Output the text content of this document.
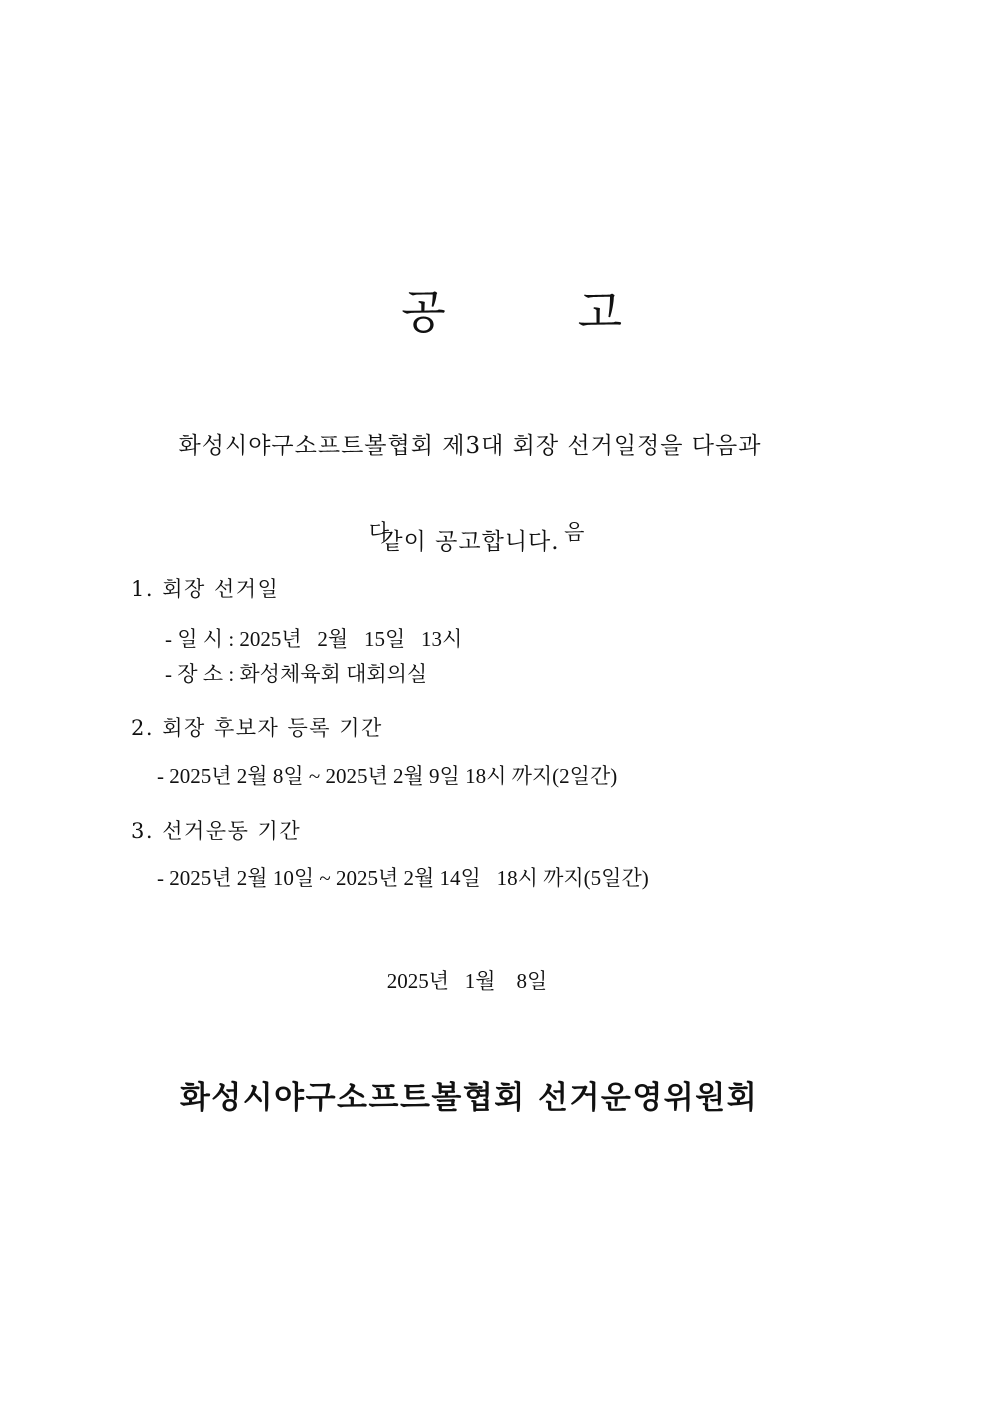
공	고

화성시야구소프트볼협회 제3대 회장 선거일정을 다음과

같이 공고합니다.

다	음

1. 회장 선거일
- 일 시 : 2025년   2월   15일   13시
- 장 소 : 화성체육회 대회의실
2. 회장 후보자 등록 기간
- 2025년 2월 8일 ~ 2025년 2월 9일 18시 까지(2일간)
3. 선거운동 기간
- 2025년 2월 10일 ~ 2025년 2월 14일   18시 까지(5일간)
2025년   1월    8일
화성시야구소프트볼협회 선거운영위원회
